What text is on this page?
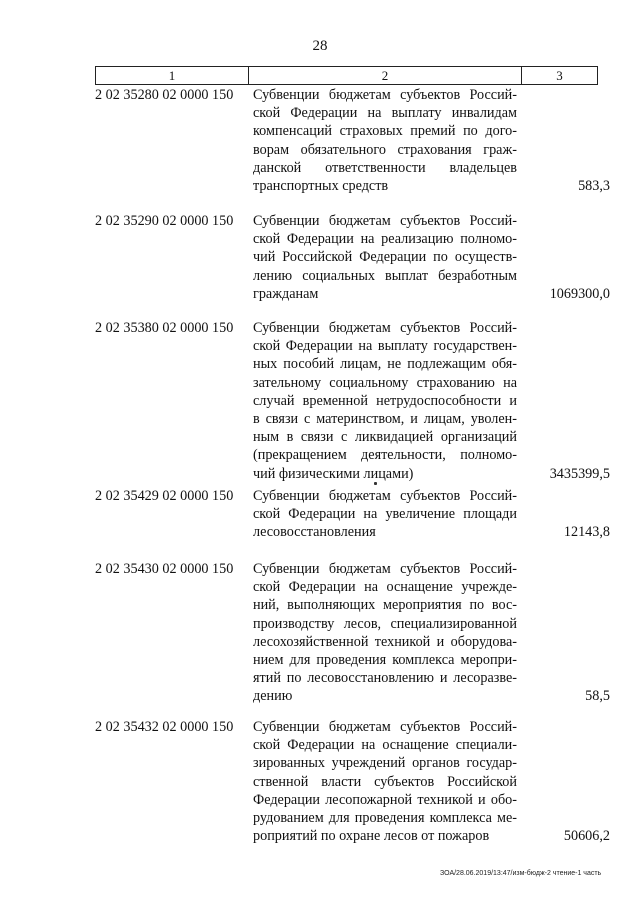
28
1	2	3
2 02 35280 02 0000 150	Субвенции бюджетам субъектов Россий-
ской Федерации на выплату инвалидам
компенсаций страховых премий по дого-
ворам обязательного страхования граж-
данской ответственности владельцев
транспортных средств	583,3
2 02 35290 02 0000 150	Субвенции бюджетам субъектов Россий-
ской Федерации на реализацию полномо-
чий Российской Федерации по осуществ-
лению социальных выплат безработным
гражданам	1069300,0
2 02 35380 02 0000 150	Субвенции бюджетам субъектов Россий-
ской Федерации на выплату государствен-
ных пособий лицам, не подлежащим обя-
зательному социальному страхованию на
случай временной нетрудоспособности и
в связи с материнством, и лицам, уволен-
ным в связи с ликвидацией организаций
(прекращением деятельности, полномо-
чий физическими лицами)	3435399,5
2 02 35429 02 0000 150	Субвенции бюджетам субъектов Россий-
ской Федерации на увеличение площади
лесовосстановления	12143,8
2 02 35430 02 0000 150	Субвенции бюджетам субъектов Россий-
ской Федерации на оснащение учрежде-
ний, выполняющих мероприятия по вос-
производству лесов, специализированной
лесохозяйственной техникой и оборудова-
нием для проведения комплекса меропри-
ятий по лесовосстановлению и лесоразве-
дению	58,5
2 02 35432 02 0000 150	Субвенции бюджетам субъектов Россий-
ской Федерации на оснащение специали-
зированных учреждений органов государ-
ственной власти субъектов Российской
Федерации лесопожарной техникой и обо-
рудованием для проведения комплекса ме-
роприятий по охране лесов от пожаров	50606,2
ЗОА/28.06.2019/13:47/изм-бюдж-2 чтение-1 часть
